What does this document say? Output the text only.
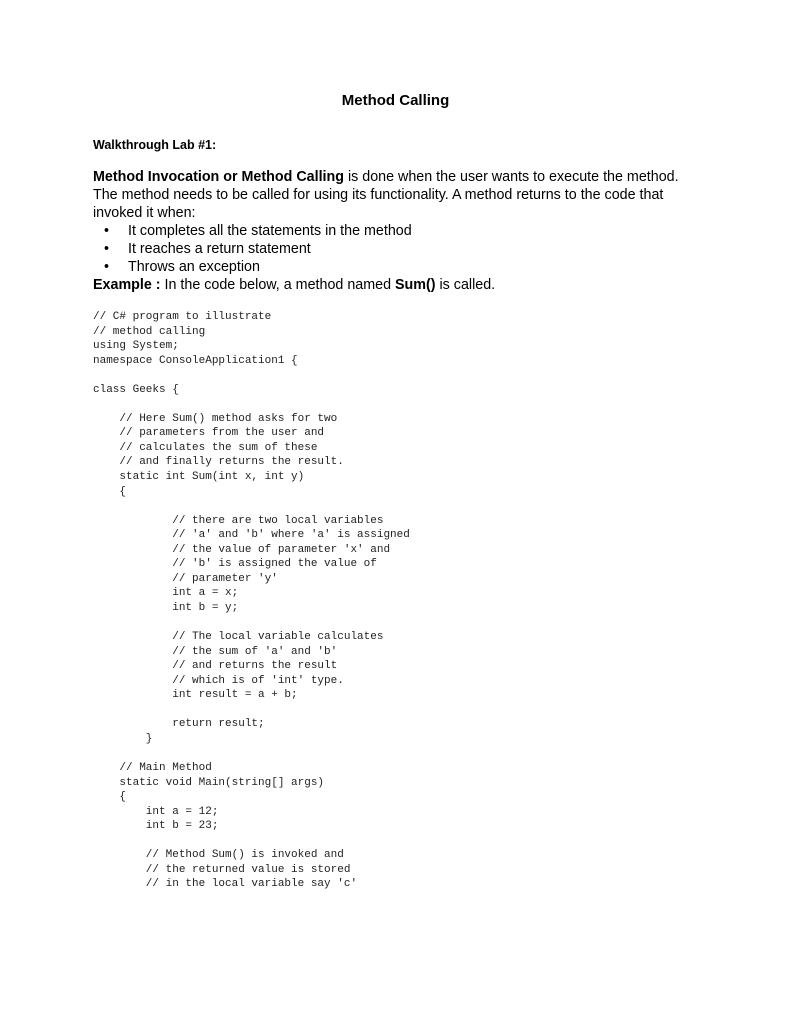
Method Calling
Walkthrough Lab #1:

Method Invocation or Method Calling is done when the user wants to execute the method. The method needs to be called for using its functionality. A method returns to the code that invoked it when:

• It completes all the statements in the method
• It reaches a return statement
• Throws an exception

Example : In the code below, a method named Sum() is called.

// C# program to illustrate
// method calling
using System;
namespace ConsoleApplication1 {
class Geeks {
// Here Sum() method asks for two
// parameters from the user and
// calculates the sum of these
// and finally returns the result.
static int Sum(int x, int y)
{
// there are two local variables
// 'a' and 'b' where 'a' is assigned
// the value of parameter 'x' and
// 'b' is assigned the value of
// parameter 'y'
int a = x;
int b = y;
// The local variable calculates
// the sum of 'a' and 'b'
// and returns the result
// which is of 'int' type.
int result = a + b;
return result;
}
// Main Method
static void Main(string[] args)
{
int a = 12;
int b = 23;
// Method Sum() is invoked and
// the returned value is stored
// in the local variable say 'c'
